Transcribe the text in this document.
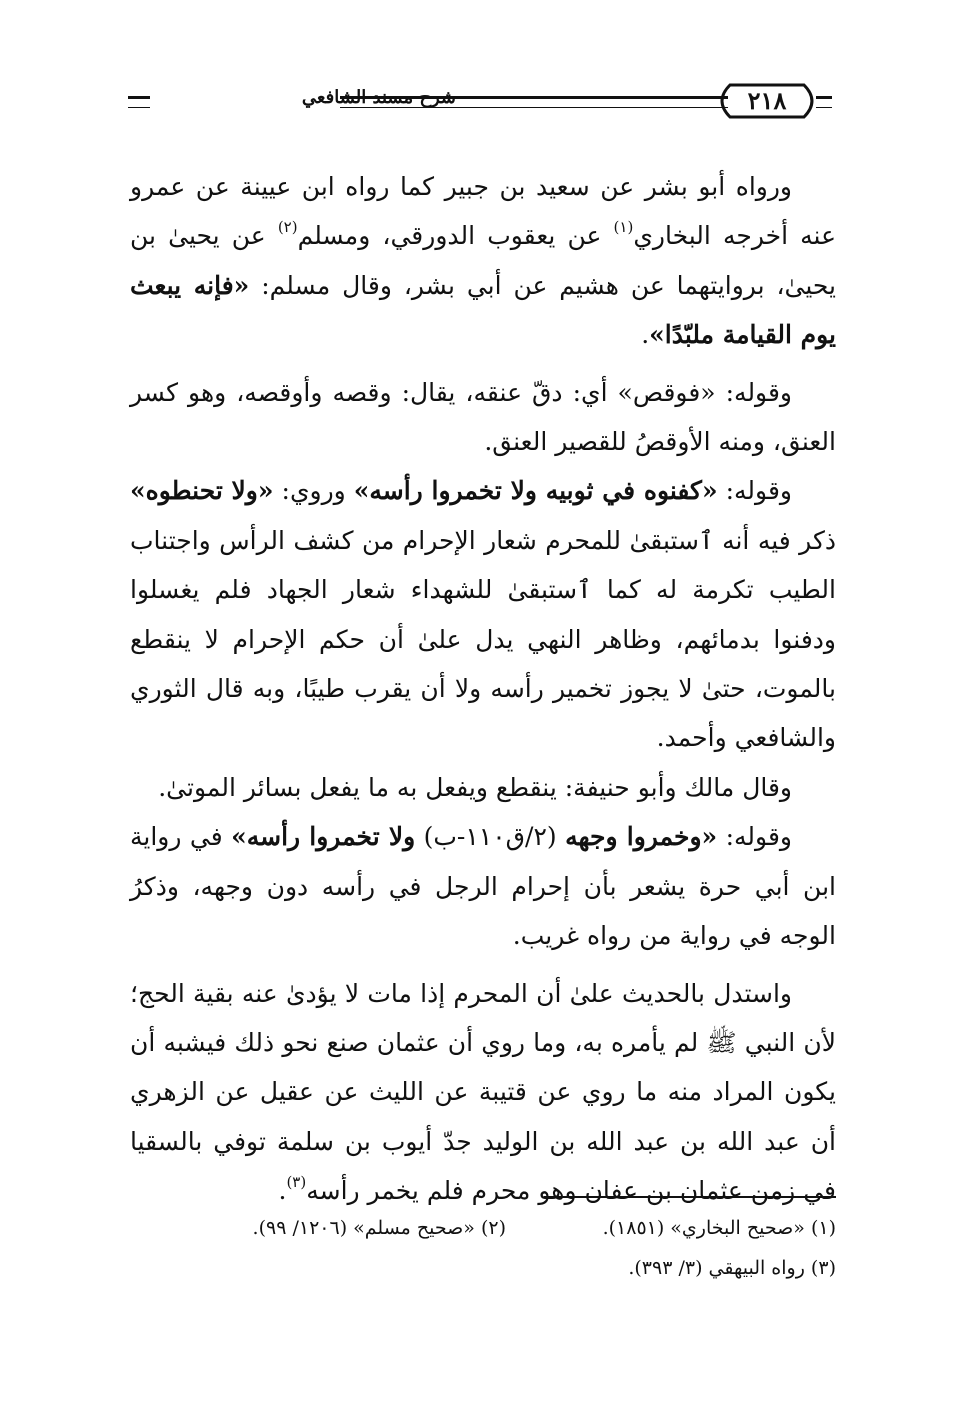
شرح مسند الشافعي	٢١٨

ورواه أبو بشر عن سعيد بن جبير كما رواه ابن عيينة عن عمرو عنه أخرجه البخاري$^{(١)}$ عن يعقوب الدورقي، ومسلم$^{(٢)}$ عن يحيىٰ بن يحيىٰ، بروايتهما عن هشيم عن أبي بشر، وقال مسلم: «فإنه يبعث يوم القيامة ملبّدًا».

وقوله: «فوقص» أي: دقّ عنقه، يقال: وقصه وأوقصه، وهو كسر العنق، ومنه الأوقصُ للقصير العنق.

وقوله: «كفنوه في ثوبيه ولا تخمروا رأسه» وروي: «ولا تحنطوه» ذكر فيه أنه ٱستبقىٰ للمحرم شعار الإحرام من كشف الرأس واجتناب الطيب تكرمة له كما ٱستبقىٰ للشهداء شعار الجهاد فلم يغسلوا ودفنوا بدمائهم، وظاهر النهي يدل علىٰ أن حكم الإحرام لا ينقطع بالموت، حتىٰ لا يجوز تخمير رأسه ولا أن يقرب طيبًا، وبه قال الثوري والشافعي وأحمد.

وقال مالك وأبو حنيفة: ينقطع ويفعل به ما يفعل بسائر الموتىٰ.

وقوله: «وخمروا وجهه (٢/ق١١٠-ب) ولا تخمروا رأسه» في رواية ابن أبي حرة يشعر بأن إحرام الرجل في رأسه دون وجهه، وذكرُ الوجه في رواية من رواه غريب.

واستدل بالحديث علىٰ أن المحرم إذا مات لا يؤدىٰ عنه بقية الحج؛ لأن النبي ﷺ لم يأمره به، وما روي أن عثمان صنع نحو ذلك فيشبه أن يكون المراد منه ما روي عن قتيبة عن الليث عن عقيل عن الزهري أن عبد الله بن عبد الله بن الوليد جدّ أيوب بن سلمة توفي بالسقيا في زمن عثمان بن عفان وهو محرم فلم يخمر رأسه$^{(٣)}$.

(١) «صحيح البخاري» (١٨٥١).
(٢) «صحيح مسلم» (١٢٠٦/ ٩٩).
(٣) رواه البيهقي (٣/ ٣٩٣).
